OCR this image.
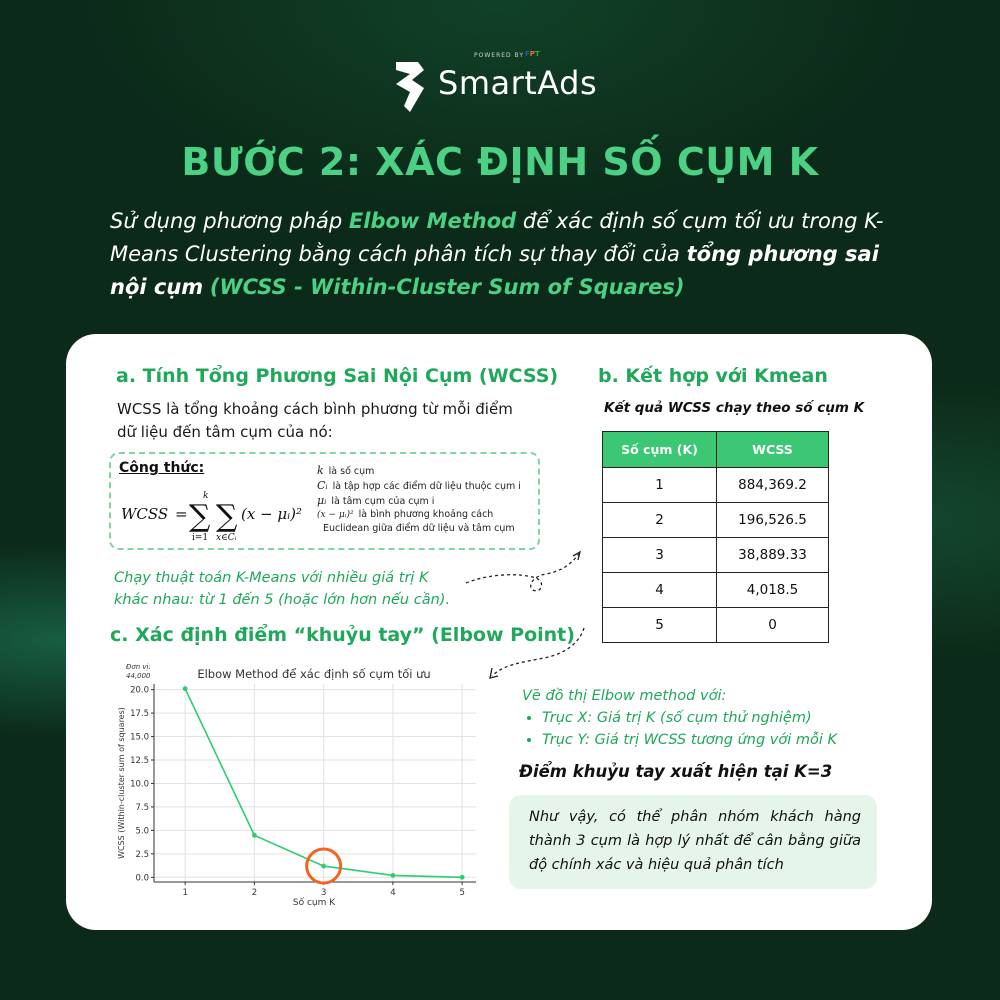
POWERED BY FPT
SmartAds
BƯỚC 2: XÁC ĐỊNH SỐ CỤM K
Sử dụng phương pháp Elbow Method để xác định số cụm tối ưu trong K-Means Clustering bằng cách phân tích sự thay đổi của tổng phương sai nội cụm (WCSS - Within-Cluster Sum of Squares)
a. Tính Tổng Phương Sai Nội Cụm (WCSS)
WCSS là tổng khoảng cách bình phương từ mỗi điểm
dữ liệu đến tâm cụm của nó:
Công thức:
WCSS = ∑
k
i=1
∑
x∈Cᵢ
(x − μᵢ)²
k là số cụm
Cᵢ là tập hợp các điểm dữ liệu thuộc cụm i
μᵢ là tâm cụm của cụm i
(x − μᵢ)² là bình phương khoảng cách
Euclidean giữa điểm dữ liệu và tâm cụm
Chạy thuật toán K-Means với nhiều giá trị K
khác nhau: từ 1 đến 5 (hoặc lớn hơn nếu cần).
b. Kết hợp với Kmean
Kết quả WCSS chạy theo số cụm K
Số cụm (K)	WCSS
1	884,369.2
2	196,526.5
3	38,889.33
4	4,018.5
5	0
c. Xác định điểm “khuỷu tay” (Elbow Point)
0.0
2.5
5.0
7.5
10.0
12.5
15.0
17.5
20.0
1	2	3	4	5
Elbow Method để xác định số cụm tối ưu
Đơn vị:
44,000
Số cụm K
WCSS (Within-cluster sum of squares)
Vẽ đồ thị Elbow method với:
• Trục X: Giá trị K (số cụm thử nghiệm)
• Trục Y: Giá trị WCSS tương ứng với mỗi K
Điểm khuỷu tay xuất hiện tại K=3

Như vậy, có thể phân nhóm khách hàng thành 3 cụm là hợp lý nhất để cân bằng giữa độ chính xác và hiệu quả phân tích
